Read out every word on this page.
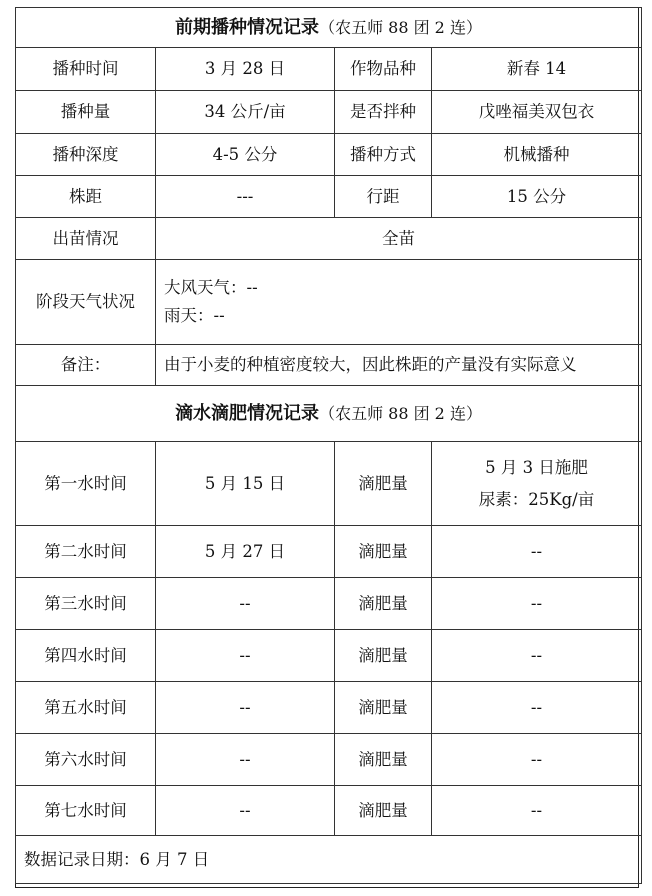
前期播种情况记录（农五师 88 团 2 连）			
播种时间	3 月 28 日	作物品种	新春 14
播种量	34 公斤/亩	是否拌种	戊唑福美双包衣
播种深度	4-5 公分	播种方式	机械播种
株距	---	行距	15 公分
出苗情况	全苗		
阶段天气状况	大风天气：--
雨天：--		

备注：	由于小麦的种植密度较大，因此株距的产量没有实际意义		
滴水滴肥情况记录（农五师 88 团 2 连）			
第一水时间	5 月 15 日	滴肥量	5 月 3 日施肥
尿素：25Kg/亩

第二水时间	5 月 27 日	滴肥量	--
第三水时间	--	滴肥量	--
第四水时间	--	滴肥量	--
第五水时间	--	滴肥量	--
第六水时间	--	滴肥量	--
第七水时间	--	滴肥量	--
数据记录日期：6 月 7 日			
